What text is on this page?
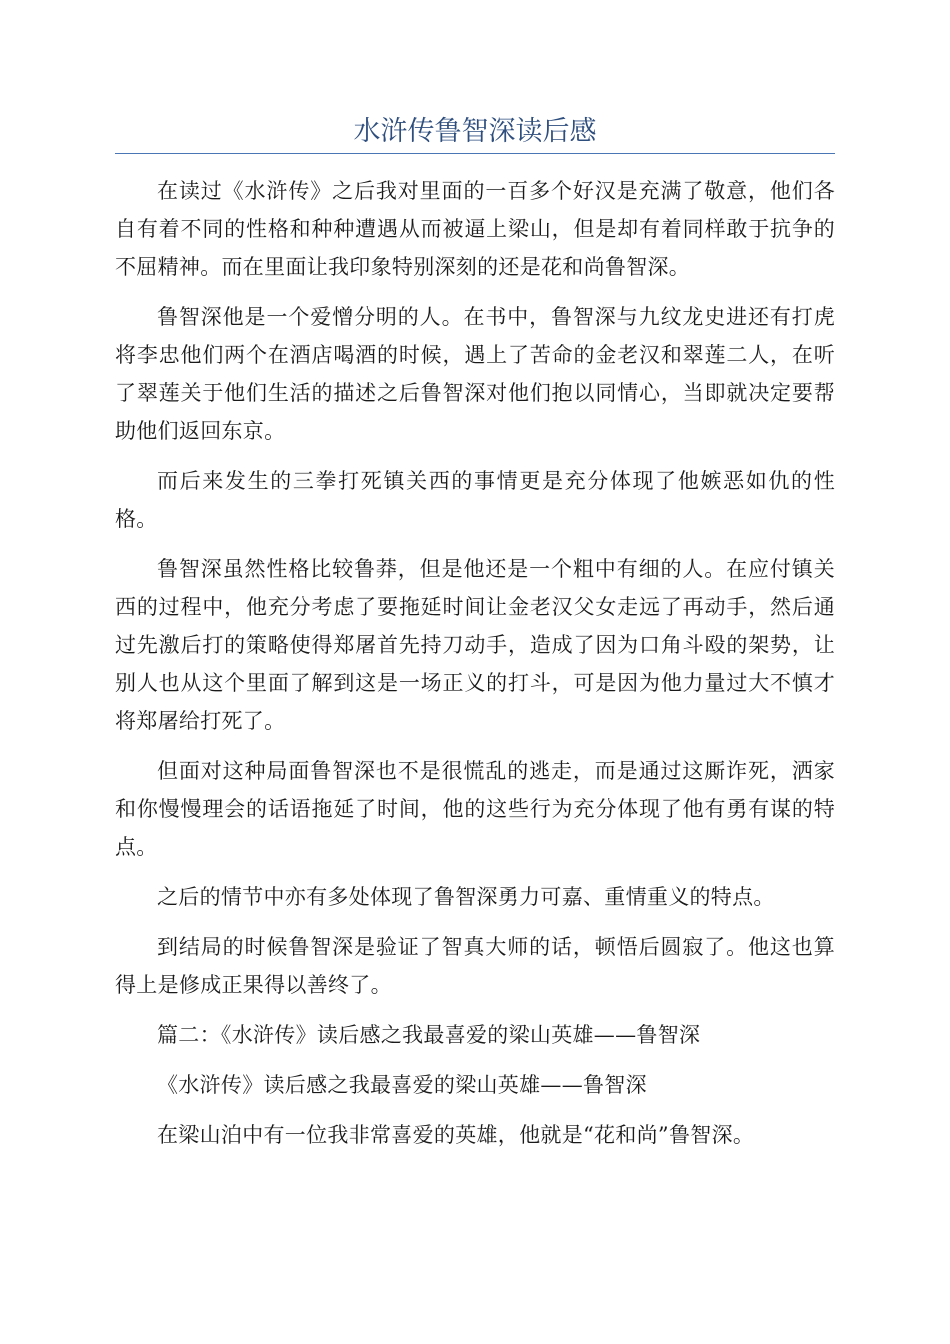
水浒传鲁智深读后感

在读过《水浒传》之后我对里面的一百多个好汉是充满了敬意，他们各自有着不同的性格和种种遭遇从而被逼上梁山，但是却有着同样敢于抗争的不屈精神。而在里面让我印象特别深刻的还是花和尚鲁智深。

鲁智深他是一个爱憎分明的人。在书中，鲁智深与九纹龙史进还有打虎将李忠他们两个在酒店喝酒的时候，遇上了苦命的金老汉和翠莲二人，在听了翠莲关于他们生活的描述之后鲁智深对他们抱以同情心，当即就决定要帮助他们返回东京。

而后来发生的三拳打死镇关西的事情更是充分体现了他嫉恶如仇的性格。

鲁智深虽然性格比较鲁莽，但是他还是一个粗中有细的人。在应付镇关西的过程中，他充分考虑了要拖延时间让金老汉父女走远了再动手，然后通过先激后打的策略使得郑屠首先持刀动手，造成了因为口角斗殴的架势，让别人也从这个里面了解到这是一场正义的打斗，可是因为他力量过大不慎才将郑屠给打死了。

但面对这种局面鲁智深也不是很慌乱的逃走，而是通过这厮诈死，洒家和你慢慢理会的话语拖延了时间，他的这些行为充分体现了他有勇有谋的特点。

之后的情节中亦有多处体现了鲁智深勇力可嘉、重情重义的特点。

到结局的时候鲁智深是验证了智真大师的话，顿悟后圆寂了。他这也算得上是修成正果得以善终了。

篇二：《水浒传》读后感之我最喜爱的梁山英雄——鲁智深

《水浒传》读后感之我最喜爱的梁山英雄——鲁智深

在梁山泊中有一位我非常喜爱的英雄，他就是“花和尚”鲁智深。
